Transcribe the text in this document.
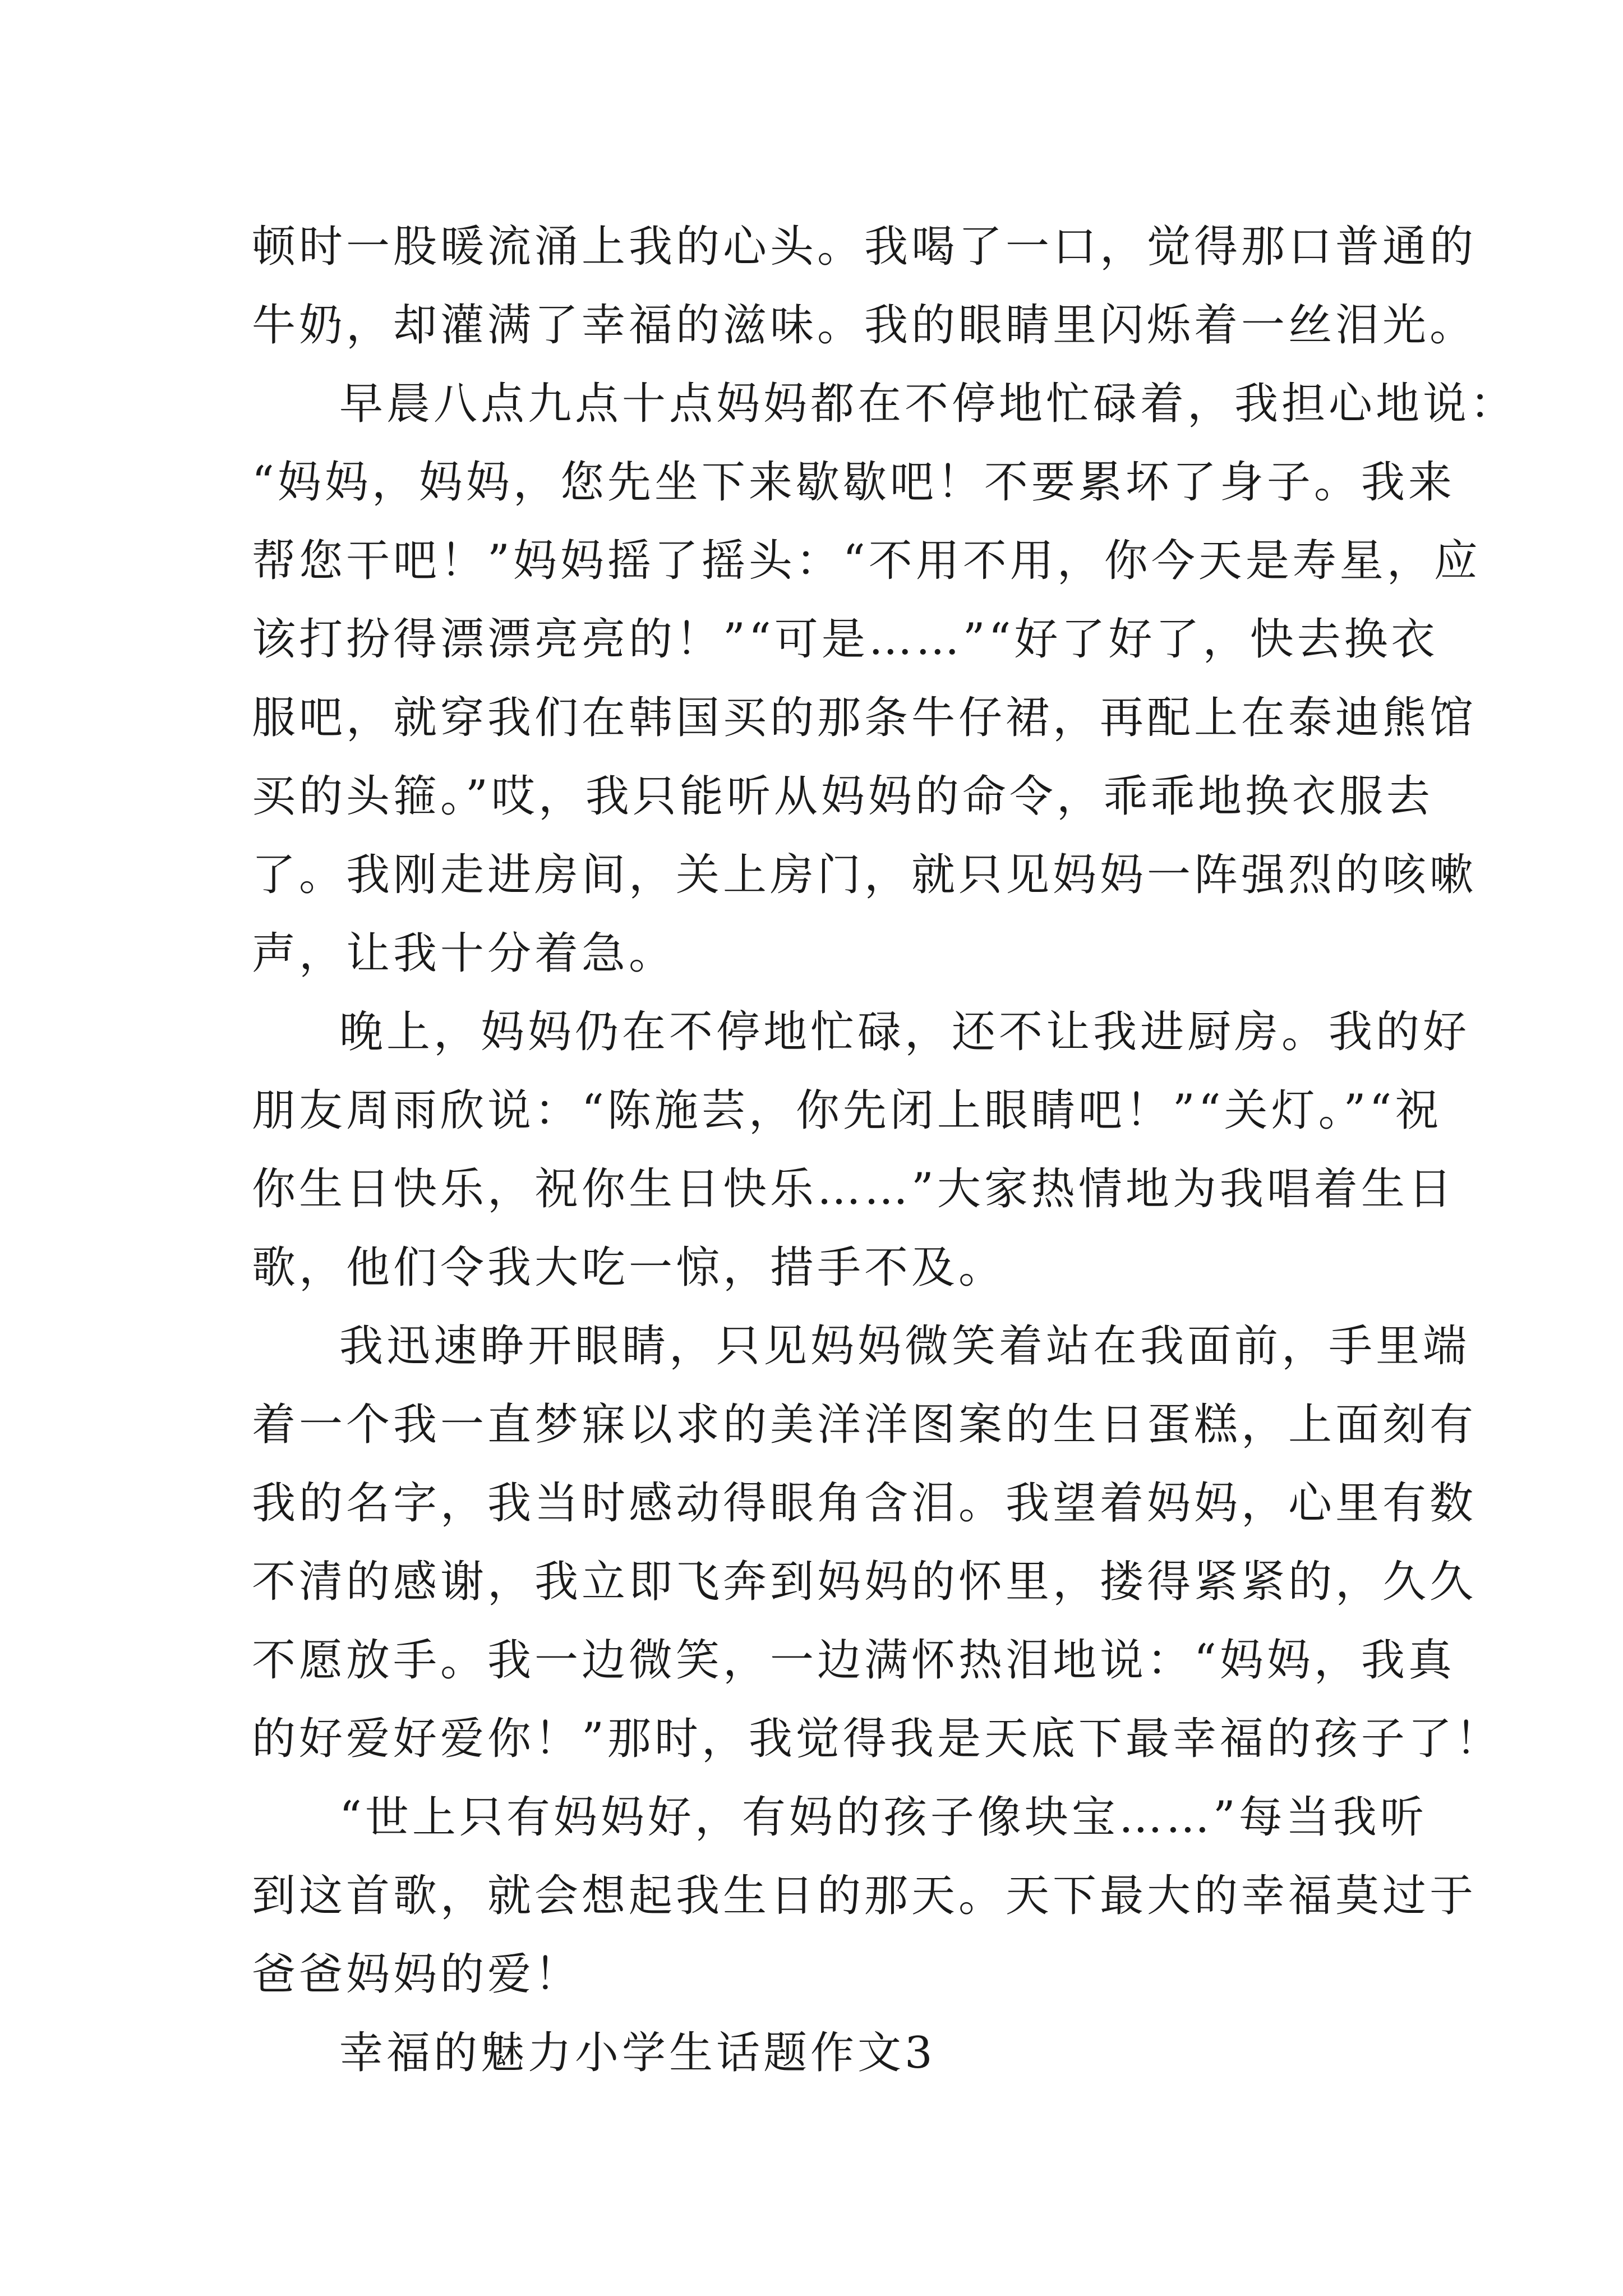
顿时一股暖流涌上我的心头。我喝了一口，觉得那口普通的
牛奶，却灌满了幸福的滋味。我的眼睛里闪烁着一丝泪光。
早晨八点九点十点妈妈都在不停地忙碌着，我担心地说：
“妈妈，妈妈，您先坐下来歇歇吧！不要累坏了身子。我来
帮您干吧！”妈妈摇了摇头：“不用不用，你今天是寿星，应
该打扮得漂漂亮亮的！”“可是……”“好了好了，快去换衣
服吧，就穿我们在韩国买的那条牛仔裙，再配上在泰迪熊馆
买的头箍。”哎，我只能听从妈妈的命令，乖乖地换衣服去
了。我刚走进房间，关上房门，就只见妈妈一阵强烈的咳嗽
声，让我十分着急。
晚上，妈妈仍在不停地忙碌，还不让我进厨房。我的好
朋友周雨欣说：“陈施芸，你先闭上眼睛吧！”“关灯。”“祝
你生日快乐，祝你生日快乐……”大家热情地为我唱着生日
歌，他们令我大吃一惊，措手不及。
我迅速睁开眼睛，只见妈妈微笑着站在我面前，手里端
着一个我一直梦寐以求的美洋洋图案的生日蛋糕，上面刻有
我的名字，我当时感动得眼角含泪。我望着妈妈，心里有数
不清的感谢，我立即飞奔到妈妈的怀里，搂得紧紧的，久久
不愿放手。我一边微笑，一边满怀热泪地说：“妈妈，我真
的好爱好爱你！”那时，我觉得我是天底下最幸福的孩子了！
“世上只有妈妈好，有妈的孩子像块宝……”每当我听
到这首歌，就会想起我生日的那天。天下最大的幸福莫过于
爸爸妈妈的爱！
幸福的魅力小学生话题作文3
